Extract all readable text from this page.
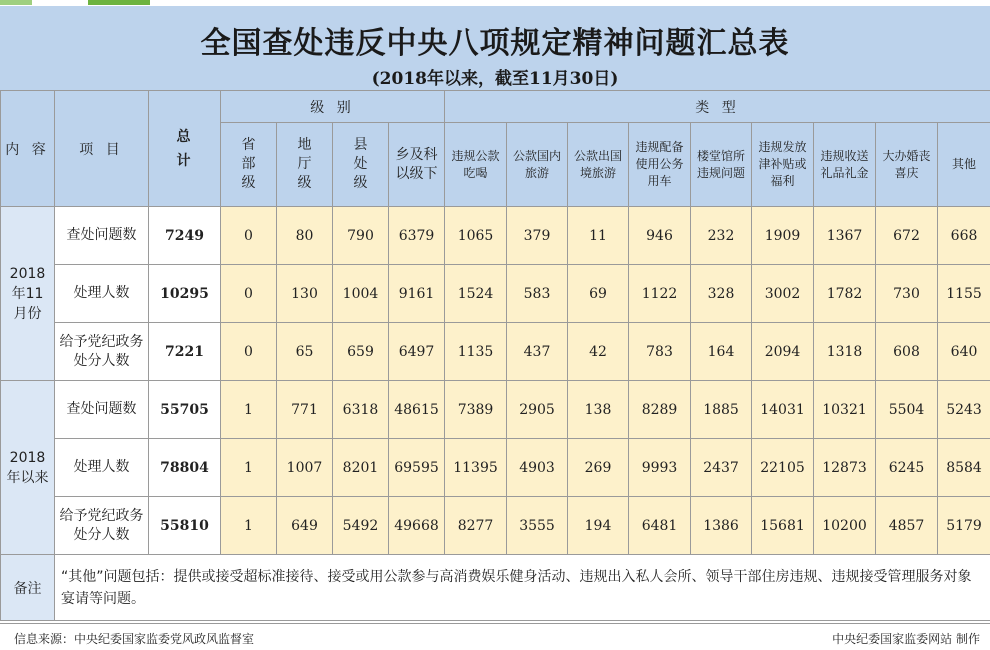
全国查处违反中央八项规定精神问题汇总表
(2018年以来，截至11月30日)
内 容	项 目	总计	级 别				类 型								

			省部级	地厅级	县处级	乡及科以级下	违规公款吃喝	公款国内旅游	公款出国境旅游	违规配备使用公务用车	楼堂馆所违规问题	违规发放津补贴或福利	违规收送礼品礼金	大办婚丧喜庆	其他

2018年11月份	查处问题数	7249	0	80	790	6379	1065	379	11	946	232	1909	1367	672	668

	处理人数	10295	0	130	1004	9161	1524	583	69	1122	328	3002	1782	730	1155

	给予党纪政务处分人数	7221	0	65	659	6497	1135	437	42	783	164	2094	1318	608	640

2018年以来	查处问题数	55705	1	771	6318	48615	7389	2905	138	8289	1885	14031	10321	5504	5243

	处理人数	78804	1	1007	8201	69595	11395	4903	269	9993	2437	22105	12873	6245	8584

	给予党纪政务处分人数	55810	1	649	5492	49668	8277	3555	194	6481	1386	15681	10200	4857	5179
备注	“其他”问题包括：提供或接受超标准接待、接受或用公款参与高消费娱乐健身活动、违规出入私人会所、领导干部住房违规、违规接受管理服务对象宴请等问题。														
信息来源：中央纪委国家监委党风政风监督室	中央纪委国家监委网站 制作
